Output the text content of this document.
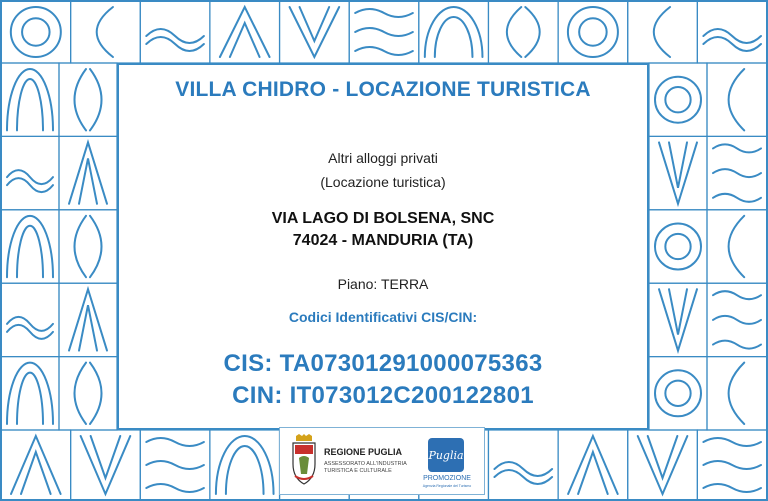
VILLA CHIDRO - LOCAZIONE TURISTICA
Altri alloggi privati
(Locazione turistica)
VIA LAGO DI BOLSENA, SNC
74024 - MANDURIA (TA)
Piano: TERRA
Codici Identificativi CIS/CIN:
CIS: TA07301291000075363
CIN: IT073012C200122801
REGIONE PUGLIA
ASSESSORATO ALL'INDUSTRIA
TURISTICA E CULTURALE
Puglia
PROMOZIONE
Agenzia Regionale del Turismo
